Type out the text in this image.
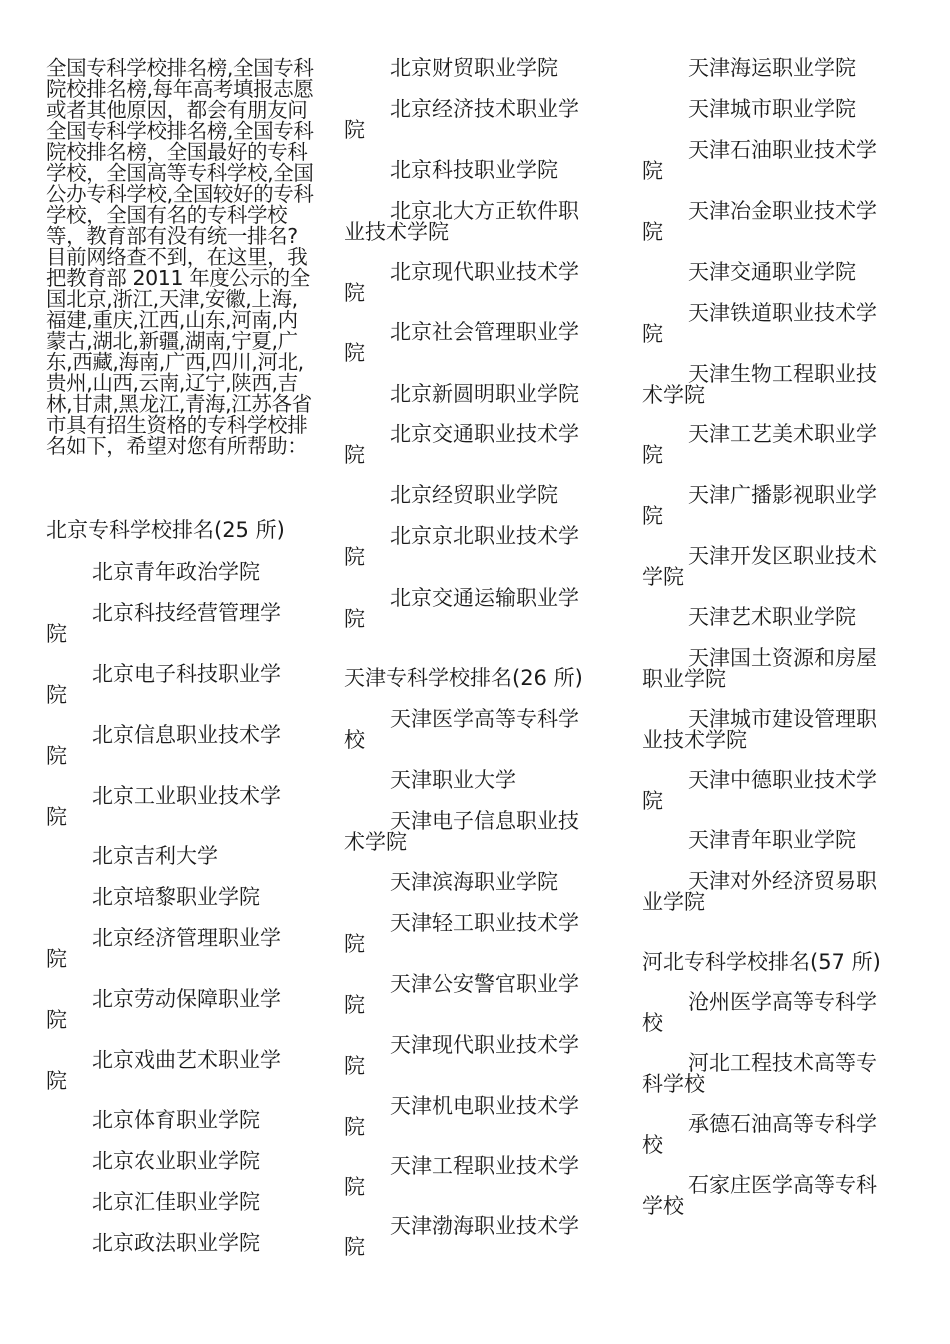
全国专科学校排名榜,全国专科院校排名榜,每年高考填报志愿或者其他原因，都会有朋友问全国专科学校排名榜,全国专科院校排名榜，全国最好的专科学校，全国高等专科学校,全国公办专科学校,全国较好的专科学校，全国有名的专科学校等，教育部有没有统一排名?目前网络查不到，在这里，我把教育部 2011 年度公示的全国北京,浙江,天津,安徽,上海,福建,重庆,江西,山东,河南,内蒙古,湖北,新疆,湖南,宁夏,广东,西藏,海南,广西,四川,河北,贵州,山西,云南,辽宁,陕西,吉林,甘肃,黑龙江,青海,江苏各省市具有招生资格的专科学校排名如下，希望对您有所帮助：

北京专科学校排名(25 所)
北京青年政治学院
北京科技经营管理学
院
北京电子科技职业学
院
北京信息职业技术学
院
北京工业职业技术学
院
北京吉利大学
北京培黎职业学院
北京经济管理职业学
院
北京劳动保障职业学
院
北京戏曲艺术职业学
院
北京体育职业学院
北京农业职业学院
北京汇佳职业学院
北京政法职业学院
北京财贸职业学院
北京经济技术职业学
院
北京科技职业学院
北京北大方正软件职
业技术学院
北京现代职业技术学
院
北京社会管理职业学
院
北京新圆明职业学院
北京交通职业技术学
院
北京经贸职业学院
北京京北职业技术学
院
北京交通运输职业学
院
天津专科学校排名(26 所)
天津医学高等专科学
校
天津职业大学
天津电子信息职业技
术学院
天津滨海职业学院
天津轻工职业技术学
院
天津公安警官职业学
院
天津现代职业技术学
院
天津机电职业技术学
院
天津工程职业技术学
院
天津渤海职业技术学
院
天津海运职业学院
天津城市职业学院
天津石油职业技术学
院
天津冶金职业技术学
院
天津交通职业学院
天津铁道职业技术学
院
天津生物工程职业技
术学院
天津工艺美术职业学
院
天津广播影视职业学
院
天津开发区职业技术
学院
天津艺术职业学院
天津国土资源和房屋
职业学院
天津城市建设管理职
业技术学院
天津中德职业技术学
院
天津青年职业学院
天津对外经济贸易职
业学院
河北专科学校排名(57 所)
沧州医学高等专科学
校
河北工程技术高等专
科学校
承德石油高等专科学
校
石家庄医学高等专科
学校
